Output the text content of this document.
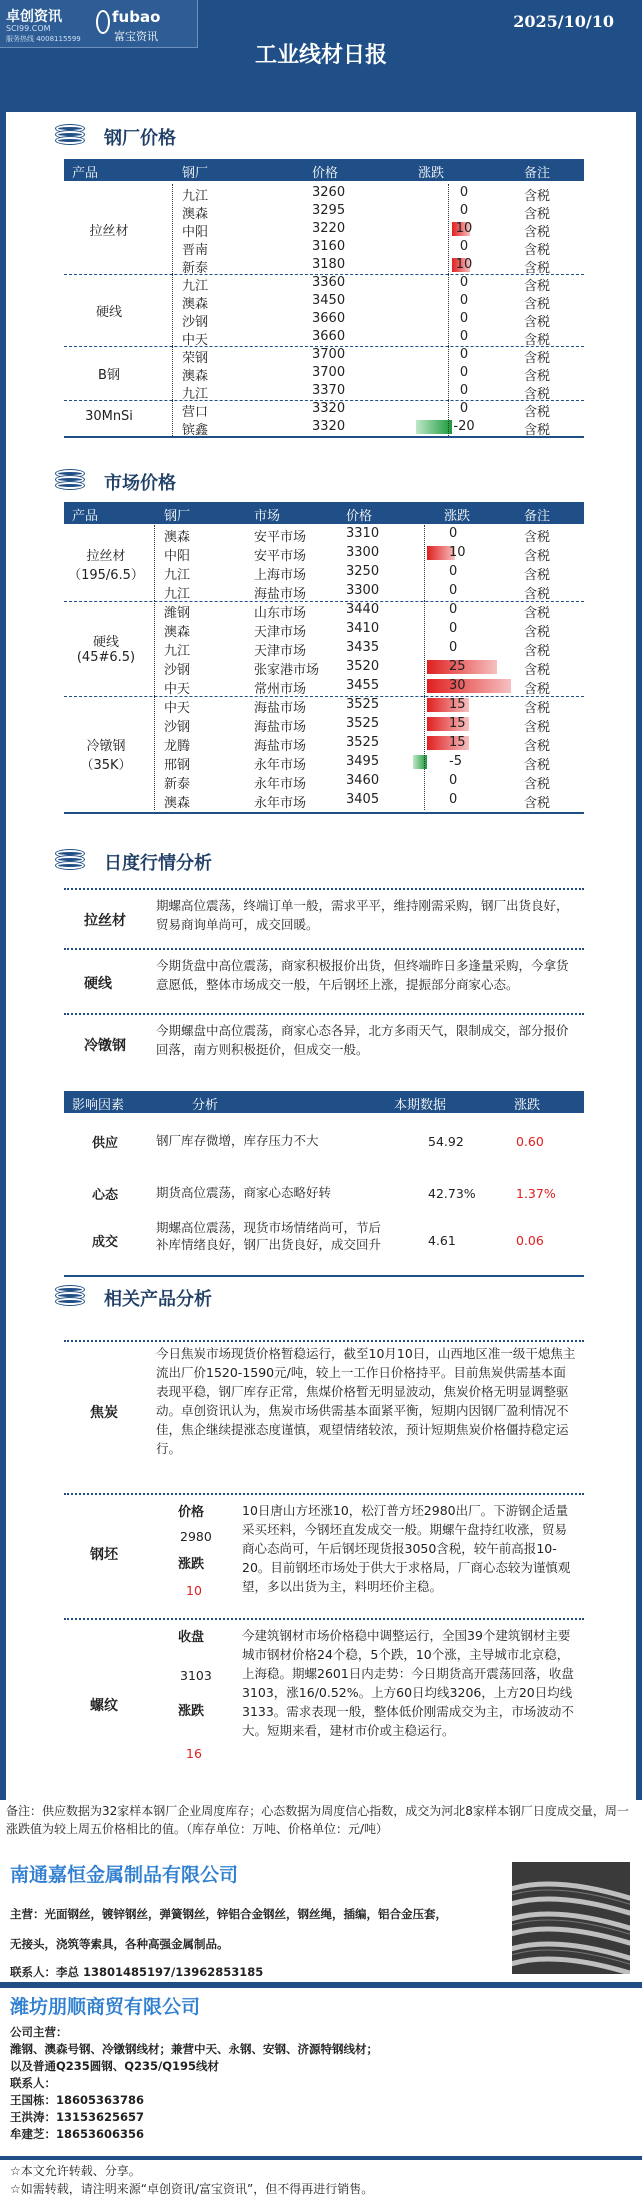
卓创资讯
SCI99.COM
服务热线 4008115599
fubao
富宝资讯
2025/10/10
工业线材日报
钢厂价格
产品	钢厂	价格	涨跌	备注
拉丝材
九江	3260	0	含税
澳森	3295	0	含税
中阳	3220	10	含税
晋南	3160	0	含税
新泰	3180	10	含税
硬线
九江	3360	0	含税
澳森	3450	0	含税
沙钢	3660	0	含税
中天	3660	0	含税
B钢
荣钢	3700	0	含税
澳森	3700	0	含税
九江	3370	0	含税
30MnSi	营口	3320	0	含税
镔鑫	3320	-20	含税
市场价格
产品	钢厂	市场	价格	涨跌	备注
拉丝材
（195/6.5）
澳森	安平市场	3310	0	含税
中阳	安平市场	3300	10	含税
九江	上海市场	3250	0	含税
九江	海盐市场	3300	0	含税
硬线
(45#6.5)
潍钢	山东市场	3440	0	含税
澳森	天津市场	3410	0	含税
九江	天津市场	3435	0	含税
沙钢	张家港市场 3520	25	含税
中天	常州市场	3455	30	含税
冷镦钢
（35K）
中天	海盐市场	3525	15	含税
沙钢	海盐市场	3525	15	含税
龙腾	海盐市场	3525	15	含税
邢钢	永年市场	3495	-5	含税
新泰	永年市场	3460	0	含税
澳森	永年市场	3405	0	含税
日度行情分析
拉丝材
期螺高位震荡，终端订单一般，需求平平，维持刚需采购，钢厂出货良好，贸易商询单尚可，成交回暖。
硬线
今期货盘中高位震荡，商家积极报价出货，但终端昨日多逢量采购，今拿货意愿低，整体市场成交一般，午后钢坯上涨，提振部分商家心态。
冷镦钢
今期螺盘中高位震荡，商家心态各异，北方多雨天气，限制成交，部分报价回落，南方则积极挺价，但成交一般。
影响因素	分析	本期数据	涨跌
供应	钢厂库存微增，库存压力不大	54.92	0.60
心态	期货高位震荡，商家心态略好转	42.73%	1.37%
成交
期螺高位震荡，现货市场情绪尚可，节后补库情绪良好，钢厂出货良好，成交回升	4.61	0.06
相关产品分析
焦炭
今日焦炭市场现货价格暂稳运行，截至10月10日，山西地区准一级干熄焦主流出厂价1520-1590元/吨，较上一工作日价格持平。目前焦炭供需基本面表现平稳，钢厂库存正常，焦煤价格暂无明显波动，焦炭价格无明显调整驱动。卓创资讯认为，焦炭市场供需基本面紧平衡，短期内因钢厂盈利情况不佳，焦企继续提涨态度谨慎，观望情绪较浓，预计短期焦炭价格僵持稳定运行。
钢坯
价格
2980
涨跌
10
10日唐山方坯涨10，松汀普方坯2980出厂。下游钢企适量采买坯料，今钢坯直发成交一般。期螺午盘持红收涨，贸易商心态尚可，午后钢坯现货报3050含税，较午前高报10-20。目前钢坯市场处于供大于求格局，厂商心态较为谨慎观望，多以出货为主，料明坯价主稳。
螺纹
收盘
3103
涨跌
16
今建筑钢材市场价格稳中调整运行，全国39个建筑钢材主要城市钢材价格24个稳，5个跌，10个涨，主导城市北京稳，上海稳。期螺2601日内走势：今日期货高开震荡回落，收盘3103，涨16/0.52%。上方60日均线3206，上方20日均线3133。需求表现一般，整体低价刚需成交为主，市场波动不大。短期来看，建材市价或主稳运行。
备注：供应数据为32家样本钢厂企业周度库存；心态数据为周度信心指数，成交为河北8家样本钢厂日度成交量，周一涨跌值为较上周五价格相比的值。（库存单位：万吨、价格单位：元/吨）
南通嘉恒金属制品有限公司
主营：光面钢丝，镀锌钢丝，弹簧钢丝，锌铝合金钢丝，钢丝绳，插编，铝合金压套，
无接头，浇筑等索具，各种高强金属制品。
联系人：李总 13801485197/13962853185
潍坊朋顺商贸有限公司
公司主营：
潍钢、澳森号钢、冷镦钢线材；兼营中天、永钢、安钢、济源特钢线材；
以及普通Q235圆钢、Q235/Q195线材
联系人：
王国栋：18605363786
王洪涛：13153625657
牟建芝：18653606356
☆本文允许转载、分享。
☆如需转载，请注明来源“卓创资讯/富宝资讯”，但不得再进行销售。
